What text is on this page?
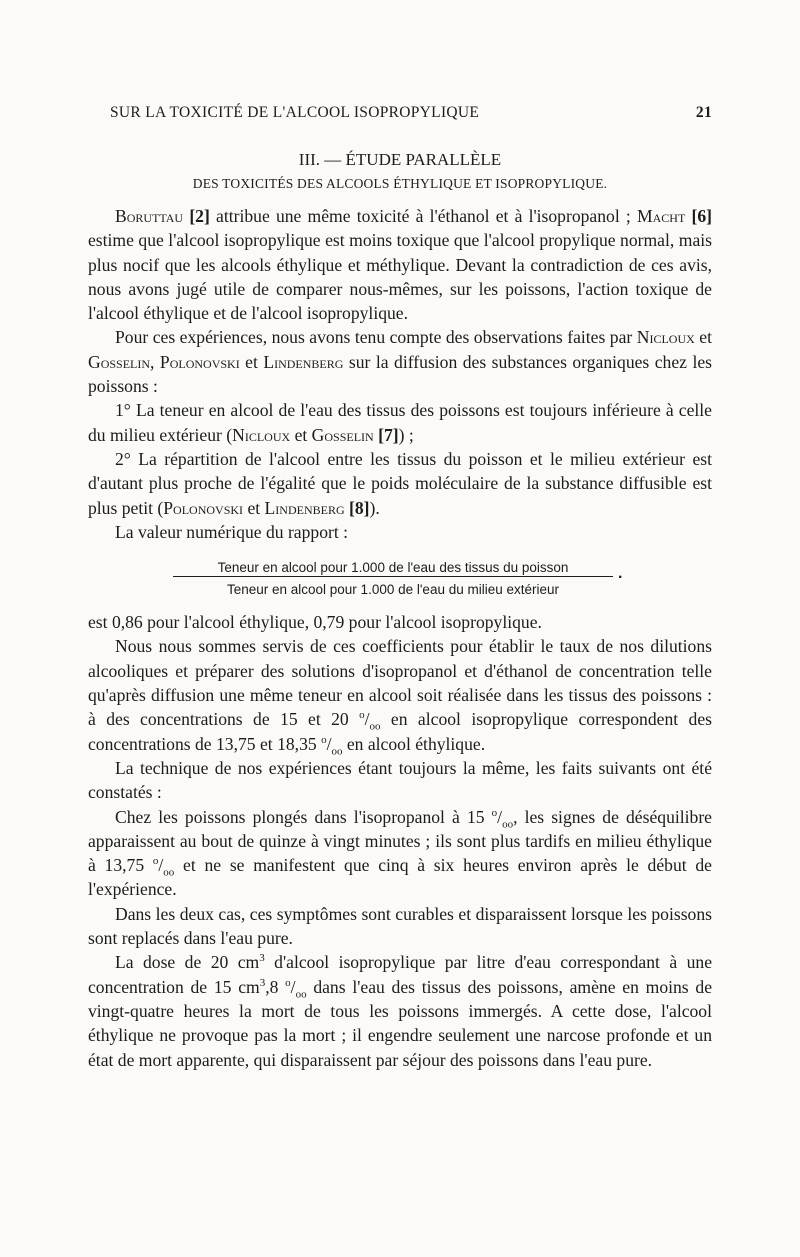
SUR LA TOXICITÉ DE L'ALCOOL ISOPROPYLIQUE	21
III. — ÉTUDE PARALLÈLE
DES TOXICITÉS DES ALCOOLS ÉTHYLIQUE ET ISOPROPYLIQUE.

Boruttau [2] attribue une même toxicité à l'éthanol et à l'isopropanol ; Macht [6] estime que l'alcool isopropylique est moins toxique que l'alcool propylique normal, mais plus nocif que les alcools éthylique et méthylique. Devant la contradiction de ces avis, nous avons jugé utile de comparer nous-mêmes, sur les poissons, l'action toxique de l'alcool éthylique et de l'alcool isopropylique.

Pour ces expériences, nous avons tenu compte des observations faites par Nicloux et Gosselin, Polonovski et Lindenberg sur la diffusion des substances organiques chez les poissons :

1° La teneur en alcool de l'eau des tissus des poissons est toujours inférieure à celle du milieu extérieur (Nicloux et Gosselin [7]) ;

2° La répartition de l'alcool entre les tissus du poisson et le milieu extérieur est d'autant plus proche de l'égalité que le poids moléculaire de la substance diffusible est plus petit (Polonovski et Lindenberg [8]).

La valeur numérique du rapport :

Teneur en alcool pour 1.000 de l'eau des tissus du poisson
Teneur en alcool pour 1.000 de l'eau du milieu extérieur
.

est 0,86 pour l'alcool éthylique, 0,79 pour l'alcool isopropylique.

Nous nous sommes servis de ces coefficients pour établir le taux de nos dilutions alcooliques et préparer des solutions d'isopropanol et d'éthanol de concentration telle qu'après diffusion une même teneur en alcool soit réalisée dans les tissus des poissons : à des concentrations de 15 et 20 $^o/_{oo}$ en alcool isopropylique correspondent des concentrations de 13,75 et 18,35 $^o/_{oo}$ en alcool éthylique.

La technique de nos expériences étant toujours la même, les faits suivants ont été constatés :

Chez les poissons plongés dans l'isopropanol à 15 $^o/_{oo}$, les signes de déséquilibre apparaissent au bout de quinze à vingt minutes ; ils sont plus tardifs en milieu éthylique à 13,75 $^o/_{oo}$ et ne se manifestent que cinq à six heures environ après le début de l'expérience.

Dans les deux cas, ces symptômes sont curables et disparaissent lorsque les poissons sont replacés dans l'eau pure.

La dose de 20 $cm^3$ d'alcool isopropylique par litre d'eau correspondant à une concentration de 15 $cm^3,8$ $^o/_{oo}$ dans l'eau des tissus des poissons, amène en moins de vingt-quatre heures la mort de tous les poissons immergés. A cette dose, l'alcool éthylique ne provoque pas la mort ; il engendre seulement une narcose profonde et un état de mort apparente, qui disparaissent par séjour des poissons dans l'eau pure.
